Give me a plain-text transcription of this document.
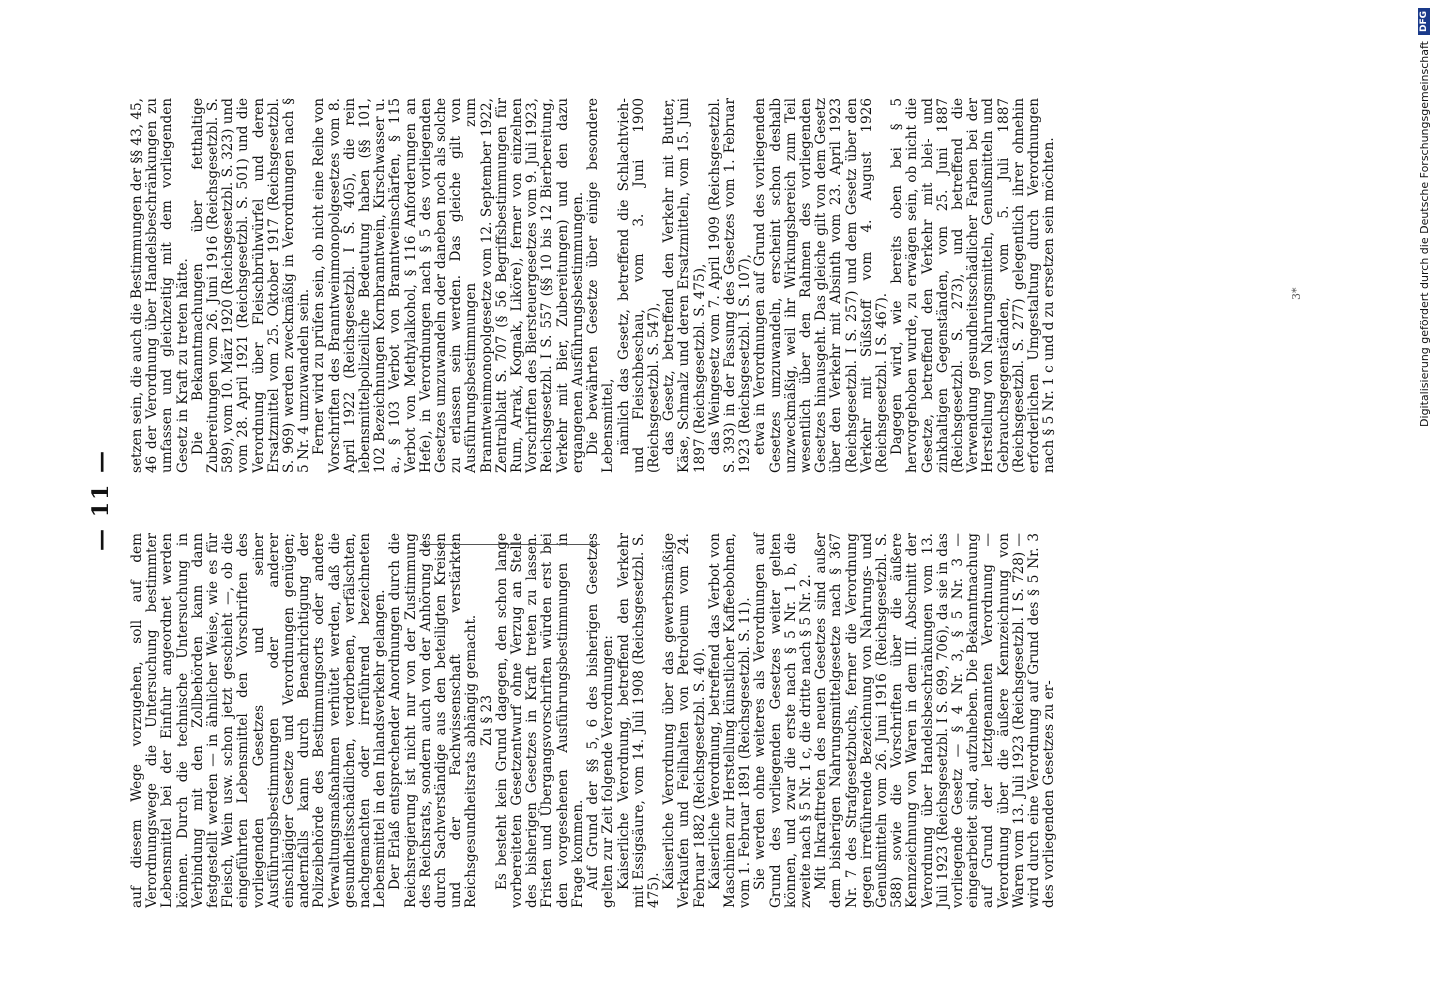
— 11 —

auf diesem Wege vorzugehen, soll auf dem Verordnungswege die Untersuchung bestimmter Lebensmittel bei der Einfuhr angeordnet werden können. Durch die technische Untersuchung in Verbindung mit den Zollbehörden kann dann festgestellt werden — in ähnlicher Weise, wie es für Fleisch, Wein usw. schon jetzt geschieht —, ob die eingeführten Lebensmittel den Vorschriften des vorliegenden Gesetzes und seiner Ausführungsbestimmungen oder anderer einschlägiger Gesetze und Verordnungen genügen; andernfalls kann durch Benachrichtigung der Polizeibehörde des Bestimmungsorts oder andere Verwaltungsmaßnahmen verhütet werden, daß die gesundheitsschädlichen, verdorbenen, verfälschten, nachgemachten oder irreführend bezeichneten Lebensmittel in den Inlandsverkehr gelangen. Der Erlaß entsprechender Anordnungen durch die Reichsregierung ist nicht nur von der Zustimmung des Reichsrats, sondern auch von der Anhörung des durch Sachverständige aus den beteiligten Kreisen und der Fachwissenschaft verstärkten Reichsgesundheitsrats abhängig gemacht. Zu § 23 Es besteht kein Grund dagegen, den schon lange vorbereiteten Gesetzentwurf ohne Verzug an Stelle des bisherigen Gesetzes in Kraft treten zu lassen. Fristen und Übergangsvorschriften würden erst bei den vorgesehenen Ausführungsbestimmungen in Frage kommen. Auf Grund der §§ 5, 6 des bisherigen Gesetzes gelten zur Zeit folgende Verordnungen: Kaiserliche Verordnung, betreffend den Verkehr mit Essigsäure, vom 14. Juli 1908 (Reichsgesetzbl. S. 475).

Kaiserliche Verordnung über das gewerbsmäßige Verkaufen und Feilhalten von Petroleum vom 24. Februar 1882 (Reichsgesetzbl. S. 40). Kaiserliche Verordnung, betreffend das Verbot von Maschinen zur Herstellung künstlicher Kaffeebohnen, vom 1. Februar 1891 (Reichsgesetzbl. S. 11). Sie werden ohne weiteres als Verordnungen auf Grund des vorliegenden Gesetzes weiter gelten können, und zwar die erste nach § 5 Nr. 1 b, die zweite nach § 5 Nr. 1 c, die dritte nach § 5 Nr. 2. Mit Inkrafttreten des neuen Gesetzes sind außer dem bisherigen Nahrungsmittelgesetze nach § 367 Nr. 7 des Strafgesetzbuchs, ferner die Verordnung gegen irreführende Bezeichnung von Nahrungs- und Genußmitteln vom 26. Juni 1916 (Reichsgesetzbl. S. 588) sowie die Vorschriften über die äußere Kennzeichnung von Waren in dem III. Abschnitt der Verordnung über Handelsbeschränkungen vom 13. Juli 1923 (Reichsgesetzbl. I S. 699, 706), da sie in das vorliegende Gesetz — § 4 Nr. 3, § 5 Nr. 3 — eingearbeitet sind, aufzuheben. Die Bekanntmachung auf Grund der letztgenannten Verordnung — Verordnung über die äußere Kennzeichnung von Waren vom 13. Juli 1923 (Reichsgesetzbl. I S. 728) — wird durch eine Verordnung auf Grund des § 5 Nr. 3 des vorliegenden Gesetzes zu er-

setzen sein, die auch die Bestimmungen der §§ 43, 45, 46 der Verordnung über Handelsbeschränkungen zu umfassen und gleichzeitig mit dem vorliegenden Gesetz in Kraft zu treten hätte. Die Bekanntmachungen über fetthaltige Zubereitungen vom 26. Juni 1916 (Reichsgesetzbl. S. 589), vom 10. März 1920 (Reichsgesetzbl. S. 323) und vom 28. April 1921 (Reichsgesetzbl. S. 501) und die Verordnung über Fleischbrühwürfel und deren Ersatzmittel vom 25. Oktober 1917 (Reichsgesetzbl. S. 969) werden zweckmäßig in Verordnungen nach § 5 Nr. 4 umzuwandeln sein. Ferner wird zu prüfen sein, ob nicht eine Reihe von Vorschriften des Branntweinmonopolgesetzes vom 8. April 1922 (Reichsgesetzbl. I S. 405), die rein lebensmittelpolizeiliche Bedeutung haben (§§ 101, 102 Bezeichnungen Kornbranntwein, Kirschwasser u. a., § 103 Verbot von Branntweinschärfen, § 115 Verbot von Methylalkohol, § 116 Anforderungen an Hefe), in Verordnungen nach § 5 des vorliegenden Gesetzes umzuwandeln oder daneben noch als solche zu erlassen sein werden. Das gleiche gilt von Ausführungsbestimmungen zum Branntweinmonopolgesetze vom 12. September 1922, Zentralblatt S. 707 (§ 56 Begriffsbestimmungen für Rum, Arrak, Kognak, Liköre), ferner von einzelnen Vorschriften des Biersteuergesetzes vom 9. Juli 1923, Reichsgesetzbl. I S. 557 (§§ 10 bis 12 Bierbereitung, Verkehr mit Bier, Zubereitungen) und den dazu ergangenen Ausführungsbestimmungen. Die bewährten Gesetze über einige besondere Lebensmittel, nämlich das Gesetz, betreffend die Schlachtvieh- und Fleischbeschau, vom 3. Juni 1900 (Reichsgesetzbl. S. 547), das Gesetz, betreffend den Verkehr mit Butter, Käse, Schmalz und deren Ersatzmitteln, vom 15. Juni 1897 (Reichsgesetzbl. S. 475), das Weingesetz vom 7. April 1909 (Reichsgesetzbl. S. 393) in der Fassung des Gesetzes vom 1. Februar 1923 (Reichsgesetzbl. I S. 107), etwa in Verordnungen auf Grund des vorliegenden Gesetzes umzuwandeln, erscheint schon deshalb unzweckmäßig, weil ihr Wirkungsbereich zum Teil wesentlich über den Rahmen des vorliegenden Gesetzes hinausgeht. Das gleiche gilt von dem Gesetz über den Verkehr mit Absinth vom 23. April 1923 (Reichsgesetzbl. I S. 257) und dem Gesetz über den Verkehr mit Süßstoff vom 4. August 1926 (Reichsgesetzbl. I S. 467). Dagegen wird, wie bereits oben bei § 5 hervorgehoben wurde, zu erwägen sein, ob nicht die Gesetze, betreffend den Verkehr mit blei- und zinkhaltigen Gegenständen, vom 25. Juni 1887 (Reichsgesetzbl. S. 273), und betreffend die Verwendung gesundheitsschädlicher Farben bei der Herstellung von Nahrungsmitteln, Genußmitteln und Gebrauchsgegenständen, vom 5. Juli 1887 (Reichsgesetzbl. S. 277) gelegentlich ihrer ohnehin erforderlichen Umgestaltung durch Verordnungen nach § 5 Nr. 1 c und d zu ersetzen sein möchten.	3*	Digitalisierung gefördert durch die Deutsche Forschungsgemeinschaft
DFG
